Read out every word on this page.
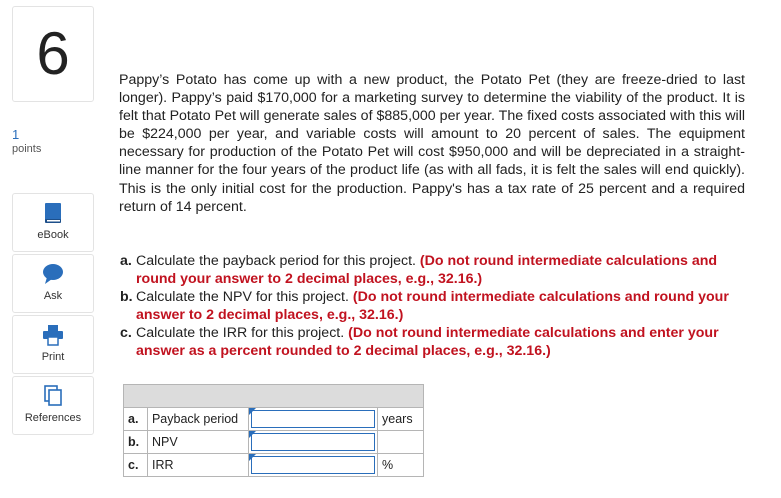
6
1
points
eBook
Ask
Print
References
Pappy’s Potato has come up with a new product, the Potato Pet (they are freeze-dried to last longer). Pappy’s paid $170,000 for a marketing survey to determine the viability of the product. It is felt that Potato Pet will generate sales of $885,000 per year. The fixed costs associated with this will be $224,000 per year, and variable costs will amount to 20 percent of sales. The equipment necessary for production of the Potato Pet will cost $950,000 and will be depreciated in a straight-line manner for the four years of the product life (as with all fads, it is felt the sales will end quickly). This is the only initial cost for the production. Pappy's has a tax rate of 25 percent and a required return of 14 percent.
a. Calculate the payback period for this project. (Do not round intermediate calculations and round your answer to 2 decimal places, e.g., 32.16.)
b. Calculate the NPV for this project. (Do not round intermediate calculations and round your answer to 2 decimal places, e.g., 32.16.)
c. Calculate the IRR for this project. (Do not round intermediate calculations and enter your answer as a percent rounded to 2 decimal places, e.g., 32.16.)

a.	Payback period		years
b.	NPV	

c.	IRR		%
